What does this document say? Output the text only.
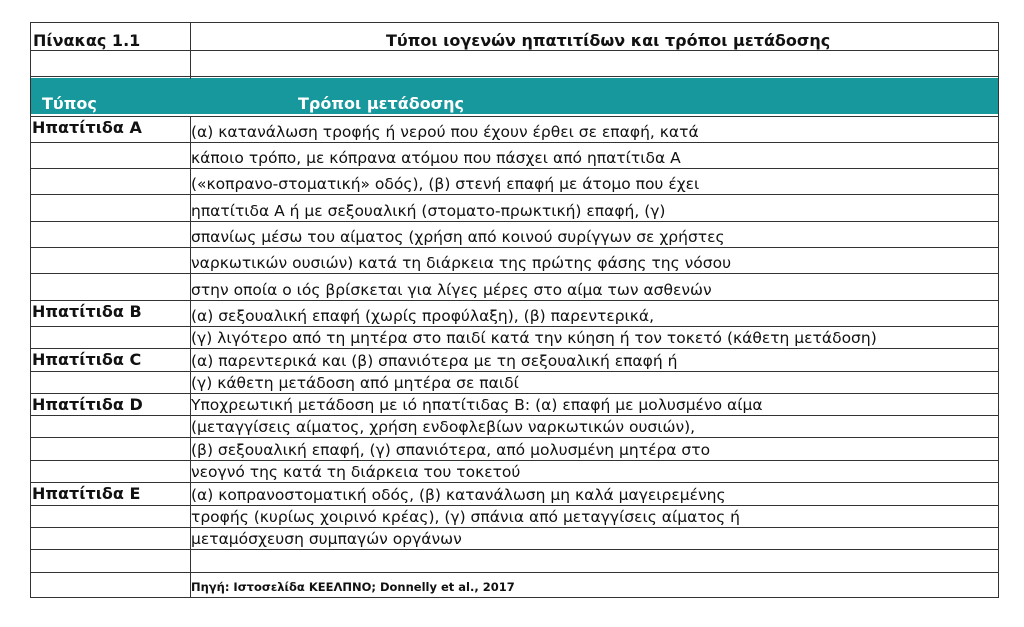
Πίνακας 1.1	Τύποι ιογενών ηπατιτίδων και τρόποι μετάδοσης
Τύπος	Τρόποι μετάδοσης
Ηπατίτιδα Α	(α) κατανάλωση τροφής ή νερού που έχουν έρθει σε επαφή, κατά
κάποιο τρόπο, με κόπρανα ατόμου που πάσχει από ηπατίτιδα Α
(«κοπρανο-στοματική» οδός), (β) στενή επαφή με άτομο που έχει
ηπατίτιδα Α ή με σεξουαλική (στοματο-πρωκτική) επαφή, (γ)
σπανίως μέσω του αίματος (χρήση από κοινού συρίγγων σε χρήστες
ναρκωτικών ουσιών) κατά τη διάρκεια της πρώτης φάσης της νόσου
στην οποία ο ιός βρίσκεται για λίγες μέρες στο αίμα των ασθενών
Ηπατίτιδα Β	(α) σεξουαλική επαφή (χωρίς προφύλαξη), (β) παρεντερικά,
(γ) λιγότερο από τη μητέρα στο παιδί κατά την κύηση ή τον τοκετό (κάθετη μετάδοση)
Ηπατίτιδα C	(α) παρεντερικά και (β) σπανιότερα με τη σεξουαλική επαφή ή
(γ) κάθετη μετάδοση από μητέρα σε παιδί
Ηπατίτιδα D	Υποχρεωτική μετάδοση με ιό ηπατίτιδας Β: (α) επαφή με μολυσμένο αίμα
(μεταγγίσεις αίματος, χρήση ενδοφλεβίων ναρκωτικών ουσιών),
(β) σεξουαλική επαφή, (γ) σπανιότερα, από μολυσμένη μητέρα στο
νεογνό της κατά τη διάρκεια του τοκετού
Ηπατίτιδα Ε	(α) κοπρανοστοματική οδός, (β) κατανάλωση μη καλά μαγειρεμένης
τροφής (κυρίως χοιρινό κρέας), (γ) σπάνια από μεταγγίσεις αίματος ή
μεταμόσχευση συμπαγών οργάνων
Πηγή: Ιστοσελίδα ΚΕΕΛΠΝΟ; Donnelly et al., 2017
